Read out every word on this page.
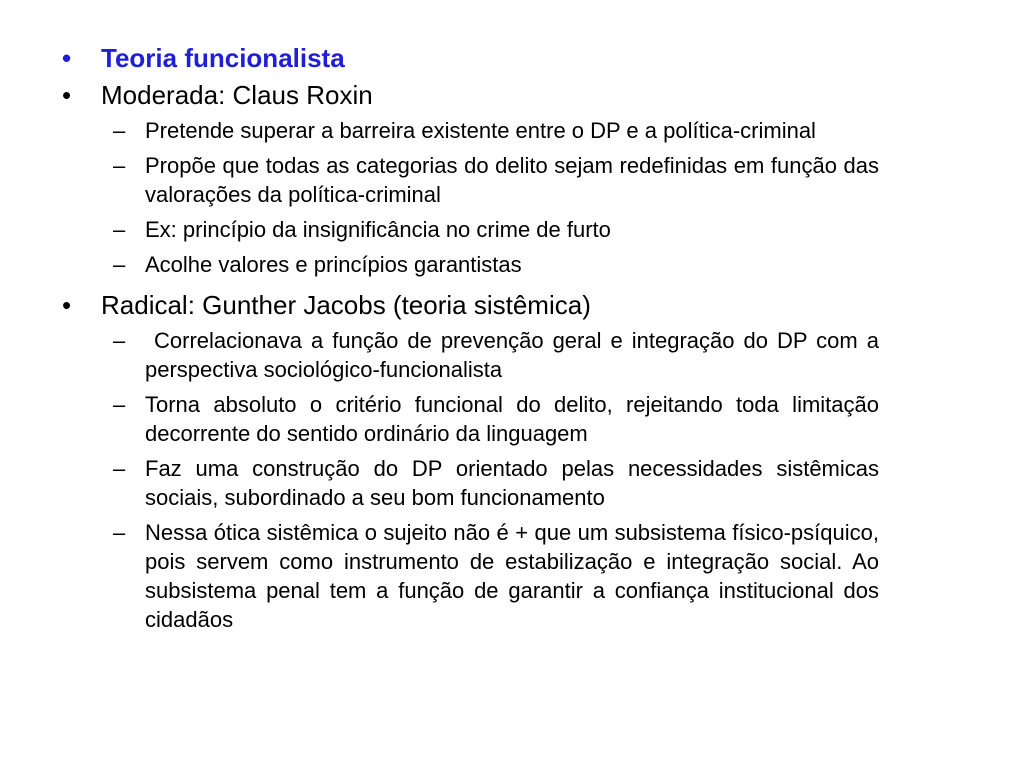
•	Teoria funcionalista
•	Moderada: Claus Roxin
– Pretende superar a barreira existente entre o DP e a política-criminal
– Propõe que todas as categorias do delito sejam redefinidas em função das valorações da política-criminal
– Ex: princípio da insignificância no crime de furto
– Acolhe valores e princípios garantistas
•	Radical: Gunther Jacobs (teoria sistêmica)
– Correlacionava a função de prevenção geral e integração do DP com a perspectiva sociológico-funcionalista
– Torna absoluto o critério funcional do delito, rejeitando toda limitação decorrente do sentido ordinário da linguagem
– Faz uma construção do DP orientado pelas necessidades sistêmicas sociais, subordinado a seu bom funcionamento
– Nessa ótica sistêmica o sujeito não é + que um subsistema físico-psíquico, pois servem como instrumento de estabilização e integração social. Ao subsistema penal tem a função de garantir a confiança institucional dos cidadãos
